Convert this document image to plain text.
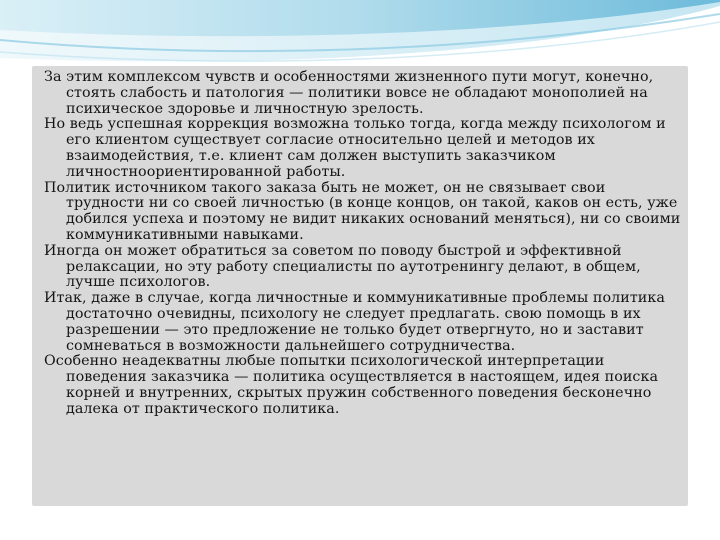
За этим комплексом чувств и особенностями жизненного пути могут, конечно, стоять слабость и патология — политики вовсе не обладают монополией на психическое здоровье и личностную зрелость.

Но ведь успешная коррекция возможна только тогда, когда между психологом и его клиентом существует согласие относительно целей и методов их взаимодействия, т.е. клиент сам должен выступить заказчиком личностноориентированной работы.

Политик источником такого заказа быть не может, он не связывает свои трудности ни со своей личностью (в конце концов, он такой, каков он есть, уже добился успеха и поэтому не видит никаких оснований меняться), ни со своими коммуникативными навыками.

Иногда он может обратиться за советом по поводу быстрой и эффективной релаксации, но эту работу специалисты по аутотренингу делают, в общем, лучше психологов.

Итак, даже в случае, когда личностные и коммуникативные проблемы политика достаточно очевидны, психологу не следует предлагать. свою помощь в их разрешении — это предложение не только будет отвергнуто, но и заставит сомневаться в возможности дальнейшего сотрудничества.

Особенно неадекватны любые попытки психологической интерпретации поведения заказчика — политика осуществляется в настоящем, идея поиска корней и внутренних, скрытых пружин собственного поведения бесконечно далека от практического политика.
